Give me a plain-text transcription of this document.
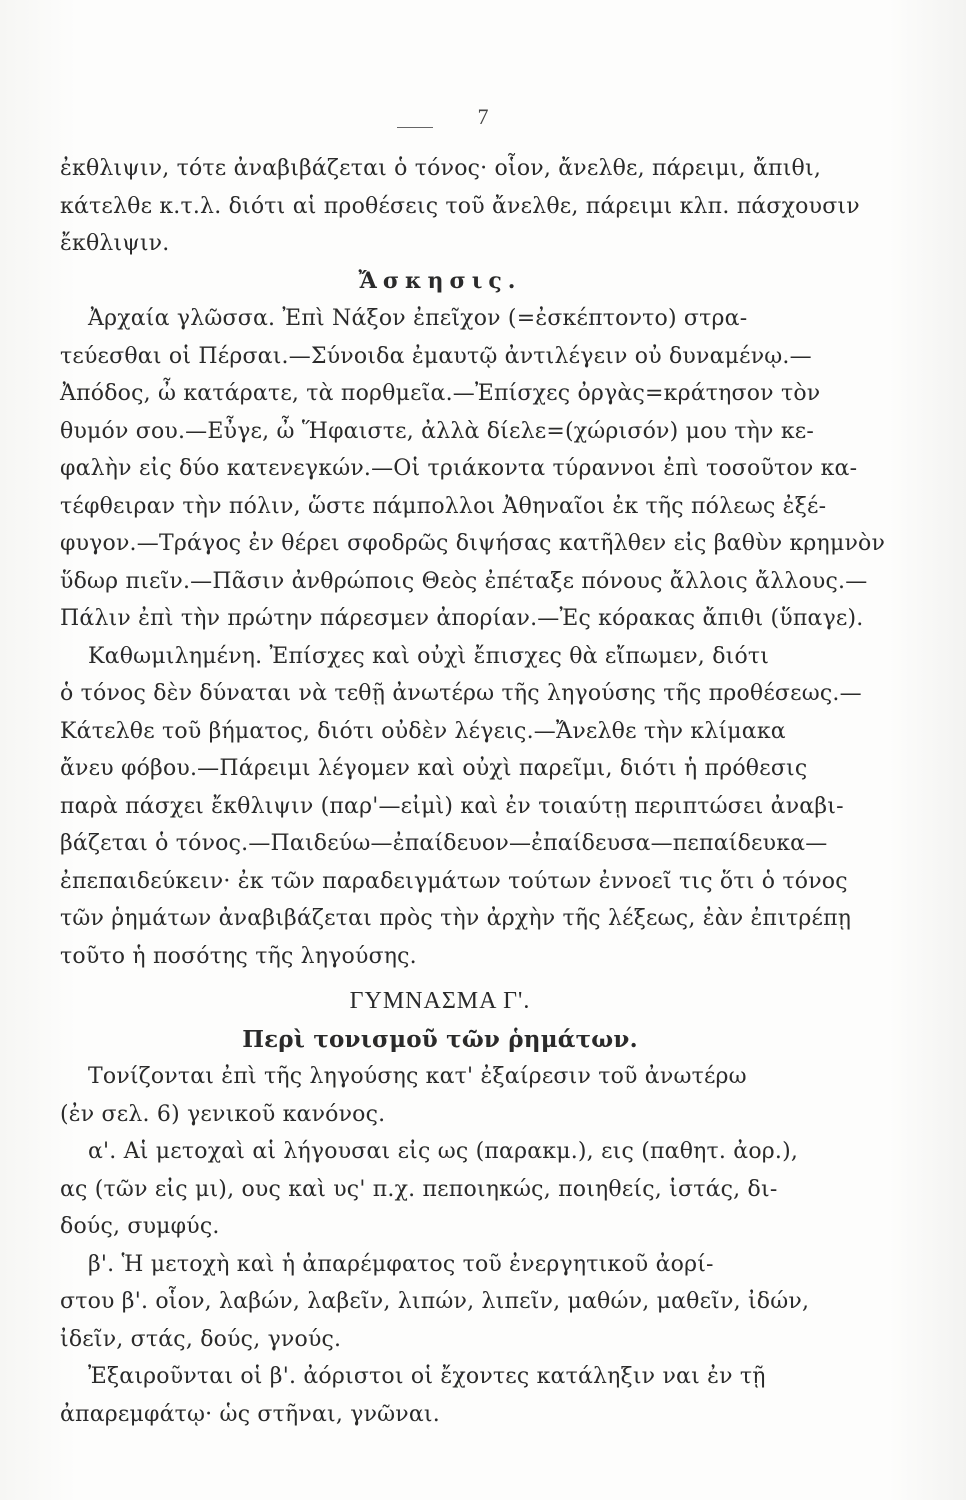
7
ἐκθλιψιν, τότε ἀναβιβάζεται ὁ τόνος· οἷον, ἄνελθε, πάρειμι, ἄπιθι,
κάτελθε κ.τ.λ. διότι αἱ προθέσεις τοῦ ἄνελθε, πάρειμι κλπ. πάσχουσιν
ἔκθλιψιν.
Ἄσκησις.
Ἀρχαία γλῶσσα. Ἐπὶ Νάξον ἐπεῖχον (=ἐσκέπτοντο) στρα-
τεύεσθαι οἱ Πέρσαι.—Σύνοιδα ἐμαυτῷ ἀντιλέγειν οὐ δυναμένῳ.—
Ἀπόδος, ὦ κατάρατε, τὰ πορθμεῖα.—Ἐπίσχες ὀργὰς=κράτησον τὸν
θυμόν σου.—Εὖγε, ὦ Ἥφαιστε, ἀλλὰ δίελε=(χώρισόν) μου τὴν κε-
φαλὴν εἰς δύο κατενεγκών.—Οἱ τριάκοντα τύραννοι ἐπὶ τοσοῦτον κα-
τέφθειραν τὴν πόλιν, ὥστε πάμπολλοι Ἀθηναῖοι ἐκ τῆς πόλεως ἐξέ-
φυγον.—Τράγος ἐν θέρει σφοδρῶς διψήσας κατῆλθεν εἰς βαθὺν κρημνὸν
ὕδωρ πιεῖν.—Πᾶσιν ἀνθρώποις Θεὸς ἐπέταξε πόνους ἄλλοις ἄλλους.—
Πάλιν ἐπὶ τὴν πρώτην πάρεσμεν ἀπορίαν.—Ἐς κόρακας ἄπιθι (ὕπαγε).
Καθωμιλημένη. Ἐπίσχες καὶ οὐχὶ ἔπισχες θὰ εἴπωμεν, διότι
ὁ τόνος δὲν δύναται νὰ τεθῇ ἀνωτέρω τῆς ληγούσης τῆς προθέσεως.—
Κάτελθε τοῦ βήματος, διότι οὐδὲν λέγεις.—Ἄνελθε τὴν κλίμακα
ἄνευ φόβου.—Πάρειμι λέγομεν καὶ οὐχὶ παρεῖμι, διότι ἡ πρόθεσις
παρὰ πάσχει ἔκθλιψιν (παρ'—εἰμὶ) καὶ ἐν τοιαύτῃ περιπτώσει ἀναβι-
βάζεται ὁ τόνος.—Παιδεύω—ἐπαίδευον—ἐπαίδευσα—πεπαίδευκα—
ἐπεπαιδεύκειν· ἐκ τῶν παραδειγμάτων τούτων ἐννοεῖ τις ὅτι ὁ τόνος
τῶν ῥημάτων ἀναβιβάζεται πρὸς τὴν ἀρχὴν τῆς λέξεως, ἐὰν ἐπιτρέπῃ
τοῦτο ἡ ποσότης τῆς ληγούσης.
ΓΥΜΝΑΣΜΑ Γ'.
Περὶ τονισμοῦ τῶν ῥημάτων.
Τονίζονται ἐπὶ τῆς ληγούσης κατ' ἐξαίρεσιν τοῦ ἀνωτέρω
(ἐν σελ. 6) γενικοῦ κανόνος.
α'. Αἱ μετοχαὶ αἱ λήγουσαι εἰς ως (παρακμ.), εις (παθητ. ἀορ.),
ας (τῶν εἰς μι), ους καὶ υς' π.χ. πεποιηκώς, ποιηθείς, ἱστάς, δι-
δούς, συμφύς.
β'. Ἡ μετοχὴ καὶ ἡ ἀπαρέμφατος τοῦ ἐνεργητικοῦ ἀορί-
στου β'. οἷον, λαβών, λαβεῖν, λιπών, λιπεῖν, μαθών, μαθεῖν, ἰδών,
ἰδεῖν, στάς, δούς, γνούς.
Ἐξαιροῦνται οἱ β'. ἀόριστοι οἱ ἔχοντες κατάληξιν ναι ἐν τῇ
ἀπαρεμφάτῳ· ὡς στῆναι, γνῶναι.
